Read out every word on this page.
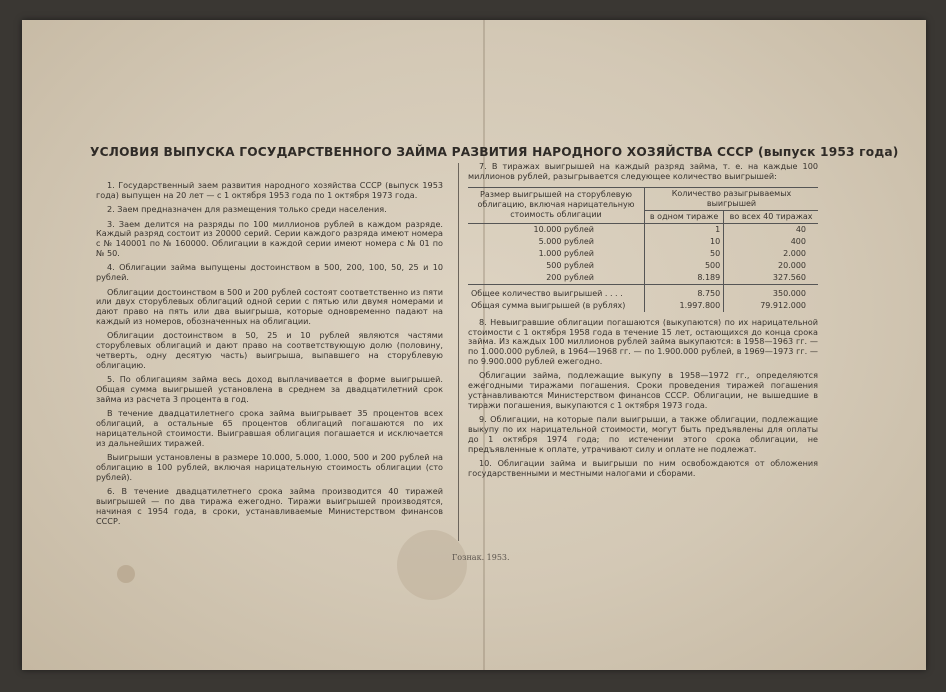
УСЛОВИЯ ВЫПУСКА ГОСУДАРСТВЕННОГО ЗАЙМА РАЗВИТИЯ НАРОДНОГО ХОЗЯЙСТВА СССР (выпуск 1953 года)

1. Государственный заем развития народного хозяйства СССР (выпуск 1953 года) выпущен на 20 лет — с 1 октября 1953 года по 1 октября 1973 года.

2. Заем предназначен для размещения только среди населения.

3. Заем делится на разряды по 100 миллионов рублей в каждом разряде. Каждый разряд состоит из 20000 серий. Серии каждого разряда имеют номера с № 140001 по № 160000. Облигации в каждой серии имеют номера с № 01 по № 50.

4. Облигации займа выпущены достоинством в 500, 200, 100, 50, 25 и 10 рублей.

Облигации достоинством в 500 и 200 рублей состоят соответственно из пяти или двух сторублевых облигаций одной серии с пятью или двумя номерами и дают право на пять или два выигрыша, которые одновременно падают на каждый из номеров, обозначенных на облигации.

Облигации достоинством в 50, 25 и 10 рублей являются частями сторублевых облигаций и дают право на соответствующую долю (половину, четверть, одну десятую часть) выигрыша, выпавшего на сторублевую облигацию.

5. По облигациям займа весь доход выплачивается в форме выигрышей. Общая сумма выигрышей установлена в среднем за двадцатилетний срок займа из расчета 3 процента в год.

В течение двадцатилетнего срока займа выигрывает 35 процентов всех облигаций, а остальные 65 процентов облигаций погашаются по их нарицательной стоимости. Выигравшая облигация погашается и исключается из дальнейших тиражей.

Выигрыши установлены в размере 10.000, 5.000, 1.000, 500 и 200 рублей на облигацию в 100 рублей, включая нарицательную стоимость облигации (сто рублей).

6. В течение двадцатилетнего срока займа производится 40 тиражей выигрышей — по два тиража ежегодно. Тиражи выигрышей производятся, начиная с 1954 года, в сроки, устанавливаемые Министерством финансов СССР.

7. В тиражах выигрышей на каждый разряд займа, т. е. на каждые 100 миллионов рублей, разыгрывается следующее количество выигрышей:

Размер выигрышей на сторублевую облигацию, включая нарицательную стоимость облигации	Количество разыгрываемых выигрышей	
	в одном тираже	во всех 40 тиражах
10.000 рублей	1	40
5.000 рублей	10	400
1.000 рублей	50	2.000
500 рублей	500	20.000
200 рублей	8.189	327.560
Общее количество выигрышей . . . .	8.750	350.000
Общая сумма выигрышей (в рублях)	1.997.800	79.912.000

8. Невыигравшие облигации погашаются (выкупаются) по их нарицательной стоимости с 1 октября 1958 года в течение 15 лет, остающихся до конца срока займа. Из каждых 100 миллионов рублей займа выкупаются: в 1958—1963 гг. — по 1.000.000 рублей, в 1964—1968 гг. — по 1.900.000 рублей, в 1969—1973 гг. — по 9.900.000 рублей ежегодно.

Облигации займа, подлежащие выкупу в 1958—1972 гг., определяются ежегодными тиражами погашения. Сроки проведения тиражей погашения устанавливаются Министерством финансов СССР. Облигации, не вышедшие в тиражи погашения, выкупаются с 1 октября 1973 года.

9. Облигации, на которые пали выигрыши, а также облигации, подлежащие выкупу по их нарицательной стоимости, могут быть предъявлены для оплаты до 1 октября 1974 года; по истечении этого срока облигации, не предъявленные к оплате, утрачивают силу и оплате не подлежат.

10. Облигации займа и выигрыши по ним освобождаются от обложения государственными и местными налогами и сборами.

Гознак. 1953.
